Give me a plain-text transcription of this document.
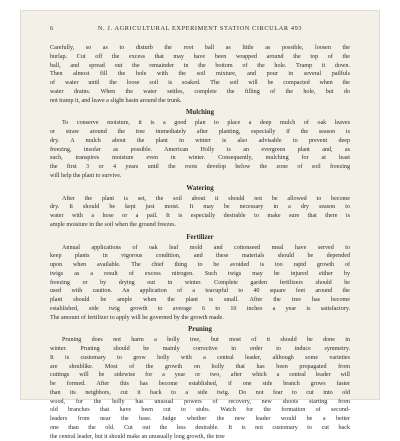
6	N. J. AGRICULTURAL EXPERIMENT STATION CIRCULAR 493

Carefully, so as to disturb the root ball as little as possible, loosen the
burlap. Cut off the excess that may have been wrapped around the top of the
ball, and spread out the remainder in the bottom of the hole. Tramp it down.
Then almost fill the hole with the soil mixture, and pour in several pailfuls
of water until the loose soil is soaked. The soil will be compacted when the
water drains. When the water settles, complete the filling of the hole, but do
not tramp it, and leave a slight basin around the trunk.

Mulching

To conserve moisture, it is a good plan to place a deep mulch of oak leaves
or straw around the tree immediately after planting, especially if the season is
dry. A mulch about the plant in winter is also advisable to prevent deep
freezing, insofar as possible. American Holly is an evergreen plant and, as
such, transpires moisture even in winter. Consequently, mulching for at least
the first 3 or 4 years until the roots develop below the zone of soil freezing
will help the plant to survive.

Watering

After the plant is set, the soil about it should not be allowed to become
dry. It should be kept just moist. It may be necessary in a dry season to
water with a hose or a pail. It is especially desirable to make sure that there is
ample moisture in the soil when the ground freezes.

Fertilizer

Annual applications of oak leaf mold and cottonseed meal have served to
keep plants in vigorous condition, and these materials should be depended
upon when available. The chief thing to be avoided is too rapid growth of
twigs as a result of excess nitrogen. Such twigs may be injured either by
freezing or by drying out in winter. Complete garden fertilizers should be
used with caution. An application of a teacupful to 40 square feet around the
plant should be ample when the plant is small. After the tree has become
established, side twig growth to average 6 to 10 inches a year is satisfactory.
The amount of fertilizer to apply will be governed by the growth made.

Pruning

Pruning does not harm a holly tree, but most of it should be done in
winter. Pruning should be mainly corrective in order to induce symmetry.
It is customary to grow holly with a central leader, although some varieties
are shrublike. Most of the growth on holly that has been propagated from
cuttings will be sidewise for a year or two, after which a central leader will
be formed. After this has become established, if one side branch grows faster
than its neighbors, cut it back to a side twig. Do not fear to cut into old
wood, for the holly has unusual powers of recovery, new shoots starting from
old branches that have been cut to stubs. Watch for the formation of second-
leaders from near the base. Judge whether the new leader would be a better
one than the old. Cut out the less desirable. It is not customary to cut back
the central leader, but it should make an unusually long growth, the tree
